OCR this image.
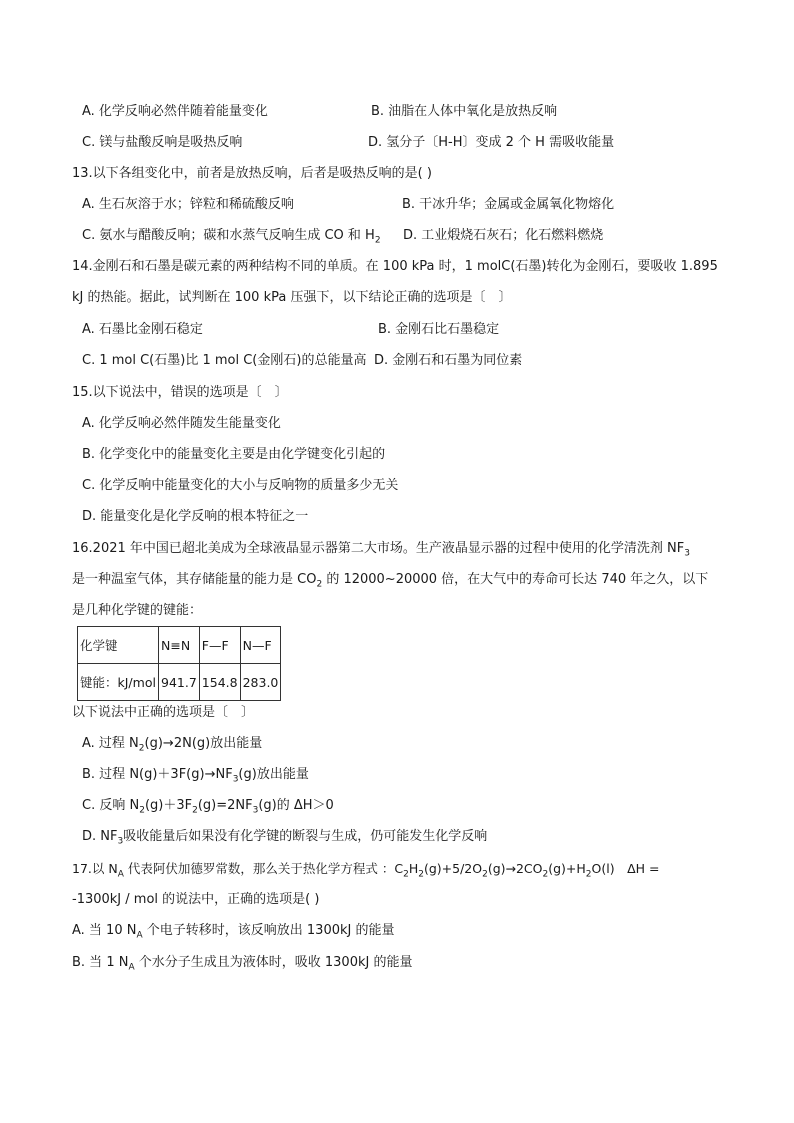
A. 化学反响必然伴随着能量变化	B. 油脂在人体中氧化是放热反响
C. 镁与盐酸反响是吸热反响	D. 氢分子〔H-H〕变成 2 个 H 需吸收能量
13.以下各组变化中，前者是放热反响，后者是吸热反响的是( )
A. 生石灰溶于水；锌粒和稀硫酸反响	B. 干冰升华；金属或金属氧化物熔化
C. 氨水与醋酸反响；碳和水蒸气反响生成 CO 和 $H_2$ D. 工业煅烧石灰石；化石燃料燃烧
14.金刚石和石墨是碳元素的两种结构不同的单质。在 100 kPa 时，1 molC(石墨)转化为金刚石，要吸收 1.895
kJ 的热能。据此，试判断在 100 kPa 压强下，以下结论正确的选项是〔　〕
A. 石墨比金刚石稳定	B. 金刚石比石墨稳定
C. 1 mol C(石墨)比 1 mol C(金刚石)的总能量高 D. 金刚石和石墨为同位素
15.以下说法中，错误的选项是〔　〕
A. 化学反响必然伴随发生能量变化
B. 化学变化中的能量变化主要是由化学键变化引起的
C. 化学反响中能量变化的大小与反响物的质量多少无关
D. 能量变化是化学反响的根本特征之一
16.2021 年中国已超北美成为全球液晶显示器第二大市场。生产液晶显示器的过程中使用的化学清洗剂 $NF_3$
是一种温室气体，其存储能量的能力是 $CO_2$ 的 12000~20000 倍，在大气中的寿命可长达 740 年之久，以下
是几种化学键的键能：
化学键	N≡N	F—F	N—F
键能：kJ/mol	941.7	154.8	283.0
以下说法中正确的选项是〔　〕
A. 过程 $N_2(g)\to 2N(g)$放出能量
B. 过程 $N(g)+3F(g)\to NF_3(g)$放出能量
C. 反响 $N_2(g)+3F_2(g)=2NF_3(g)$的 ΔH＞0
D. $NF_3$吸收能量后如果没有化学键的断裂与生成，仍可能发生化学反响
17.以 $N_A$ 代表阿伏加德罗常数，那么关于热化学方程式 ：$C_2H_2(g)+5/2O_2(g)\to 2CO_2(g)+H_2O(l)$　ΔH =
-1300kJ / mol 的说法中，正确的选项是( )
A. 当 10 $N_A$ 个电子转移时，该反响放出 1300kJ 的能量
B. 当 1 $N_A$ 个水分子生成且为液体时，吸收 1300kJ 的能量
